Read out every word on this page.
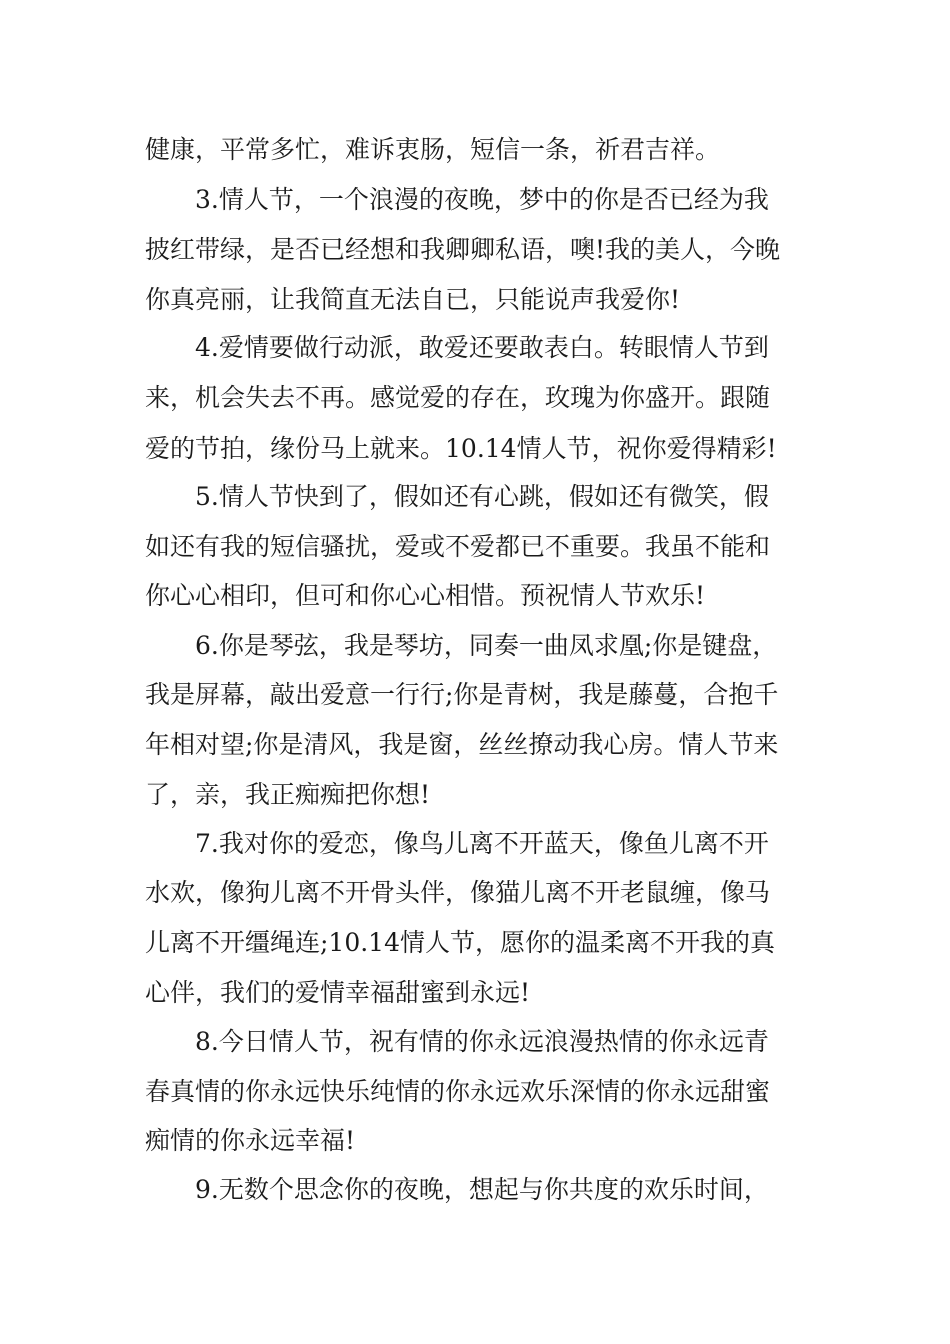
健康，平常多忙，难诉衷肠，短信一条，祈君吉祥。
3.情人节，一个浪漫的夜晚，梦中的你是否已经为我
披红带绿，是否已经想和我卿卿私语，噢!我的美人，今晚
你真亮丽，让我简直无法自已，只能说声我爱你!
4.爱情要做行动派，敢爱还要敢表白。转眼情人节到
来，机会失去不再。感觉爱的存在，玫瑰为你盛开。跟随
爱的节拍，缘份马上就来。10.14情人节，祝你爱得精彩!
5.情人节快到了，假如还有心跳，假如还有微笑，假
如还有我的短信骚扰，爱或不爱都已不重要。我虽不能和
你心心相印，但可和你心心相惜。预祝情人节欢乐!
6.你是琴弦，我是琴坊，同奏一曲凤求凰;你是键盘，
我是屏幕，敲出爱意一行行;你是青树，我是藤蔓，合抱千
年相对望;你是清风，我是窗，丝丝撩动我心房。情人节来
了，亲，我正痴痴把你想!
7.我对你的爱恋，像鸟儿离不开蓝天，像鱼儿离不开
水欢，像狗儿离不开骨头伴，像猫儿离不开老鼠缠，像马
儿离不开缰绳连;10.14情人节，愿你的温柔离不开我的真
心伴，我们的爱情幸福甜蜜到永远!
8.今日情人节，祝有情的你永远浪漫热情的你永远青
春真情的你永远快乐纯情的你永远欢乐深情的你永远甜蜜
痴情的你永远幸福!
9.无数个思念你的夜晚，想起与你共度的欢乐时间，
